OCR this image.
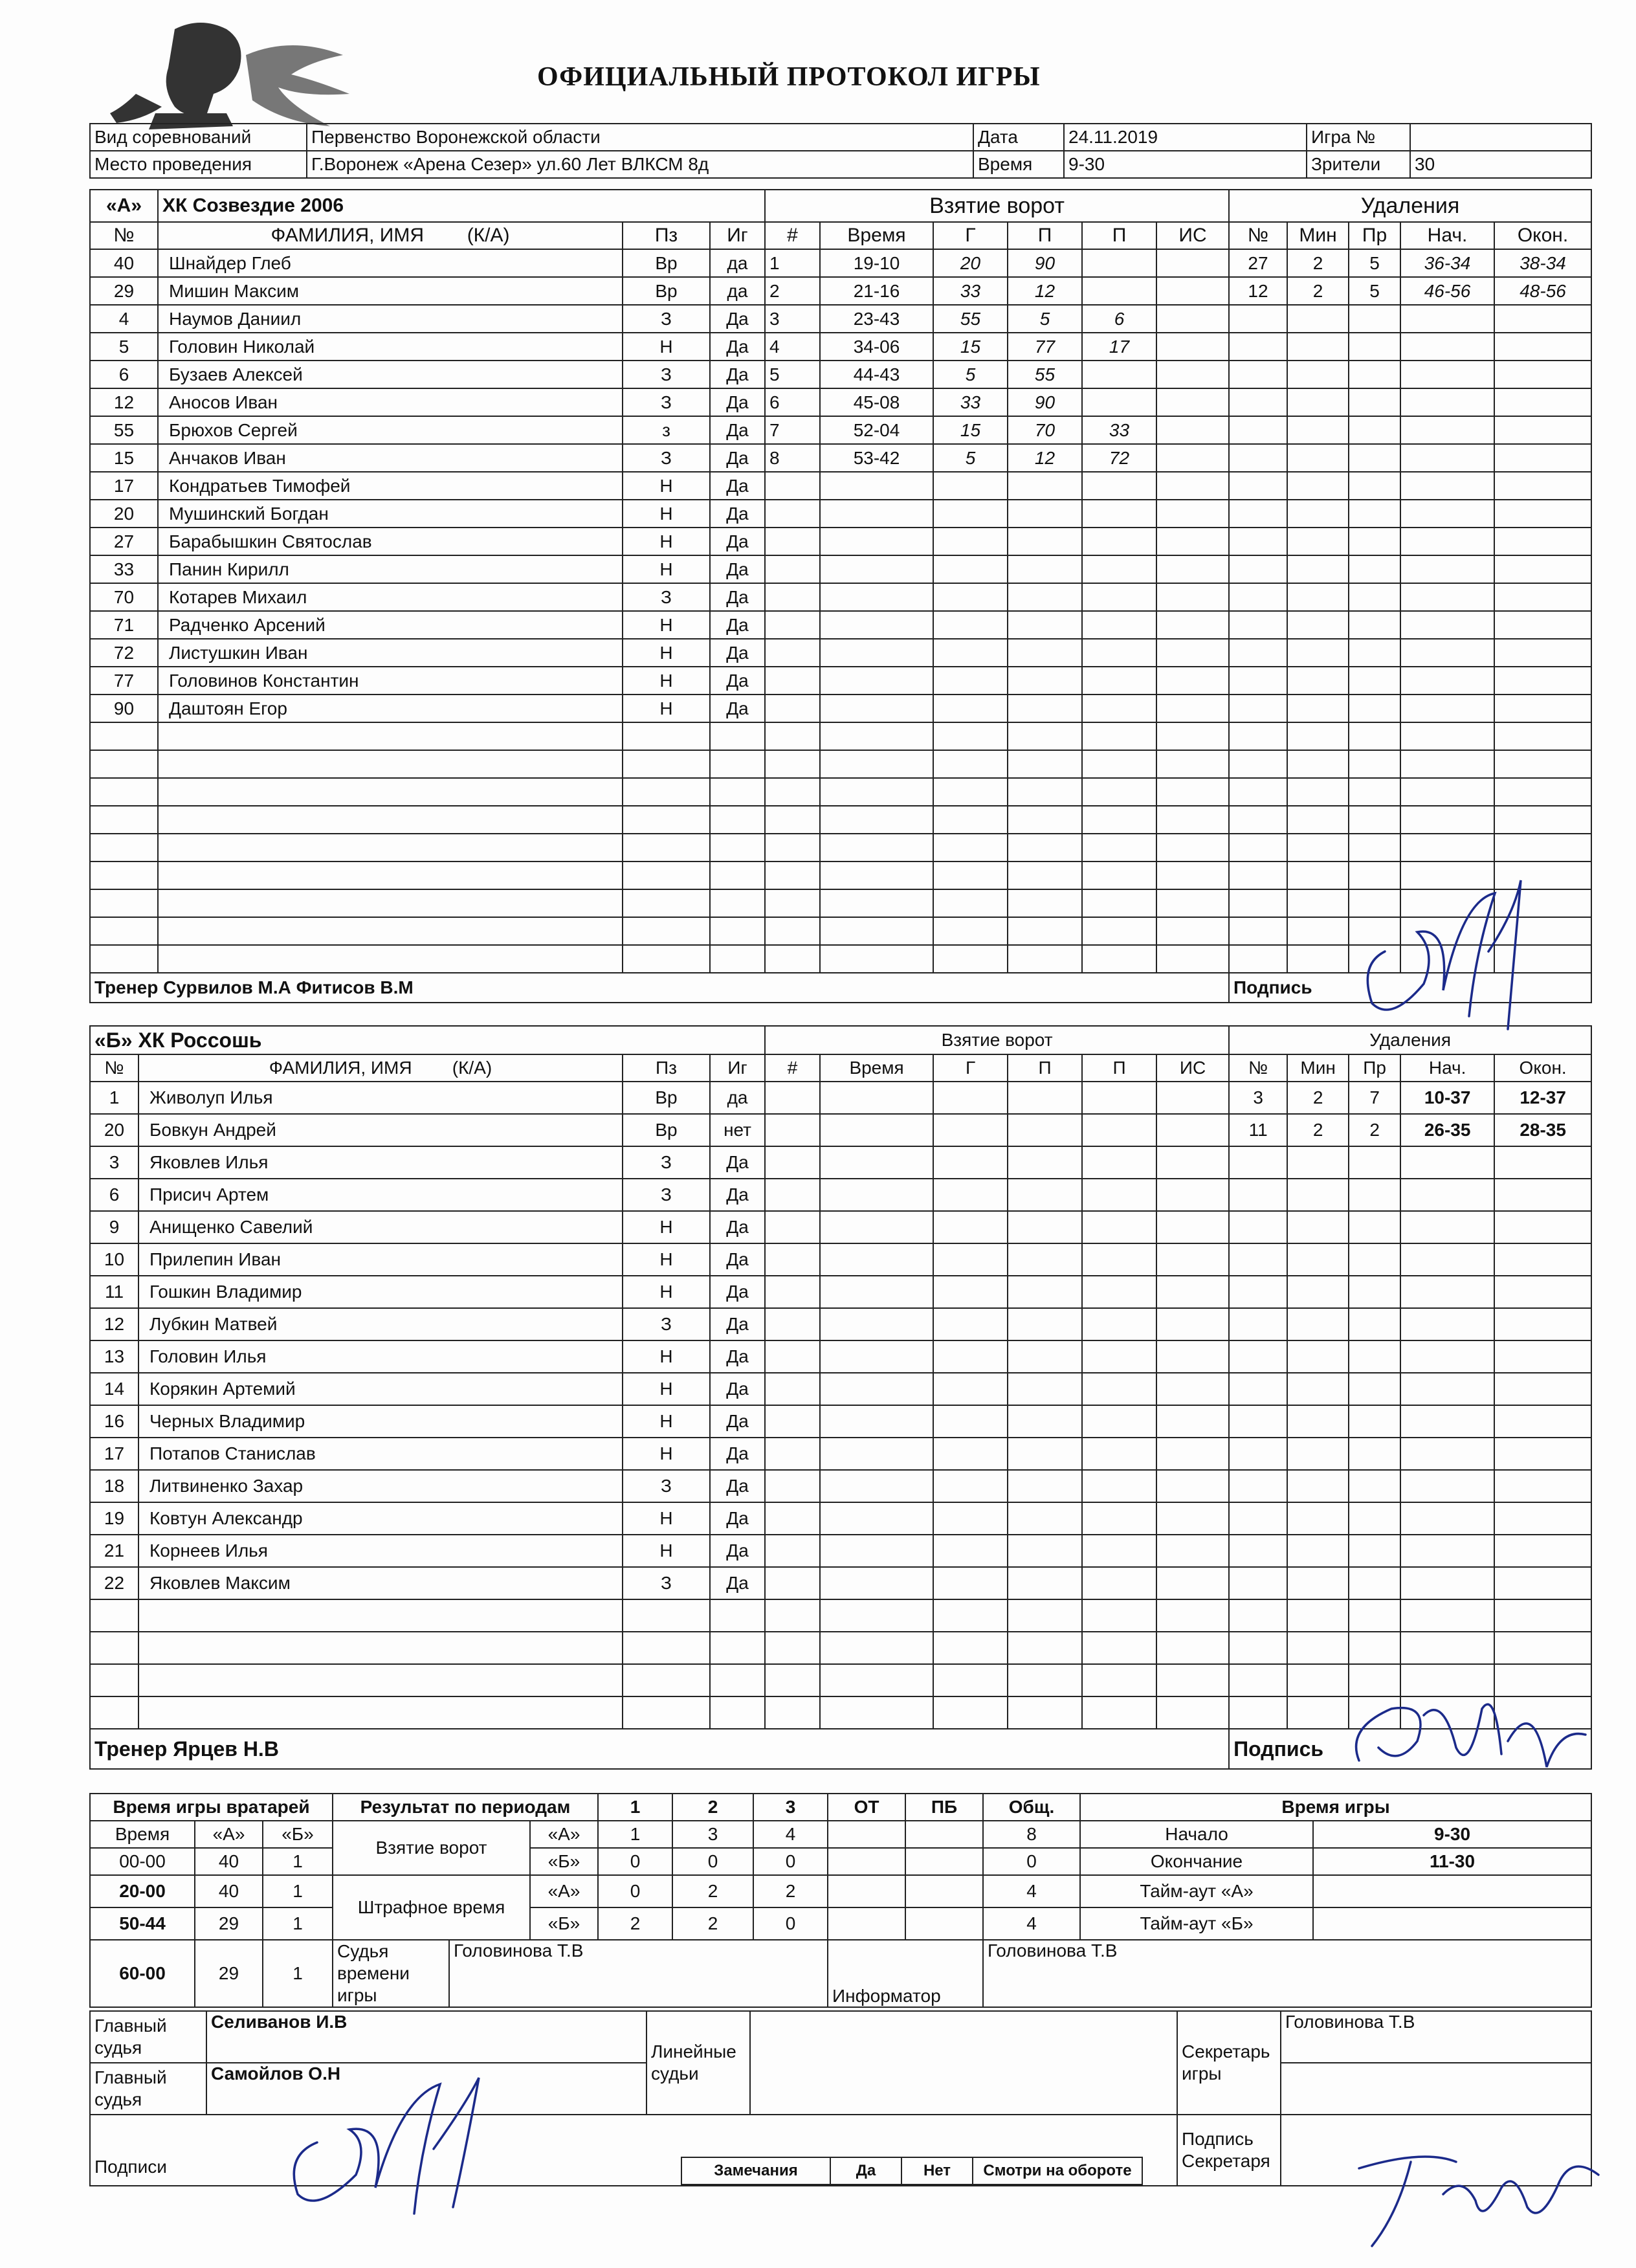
ОФИЦИАЛЬНЫЙ ПРОТОКОЛ ИГРЫ
Вид соревнований	Первенство Воронежской области	Дата	24.11.2019	Игра №	
Место проведения	Г.Воронеж «Арена Сезер» ул.60 Лет ВЛКСМ 8д	Время	9-30	Зрители	30
«А»	ХК Созвездие 2006			Взятие ворот						Удаления				
№	ФАМИЛИЯ, ИМЯ (К/А)	Пз	Иг	#	Время	Г	П	П	ИС	№	Мин	Пр	Нач.	Окон.
40	Шнайдер Глеб	Вр	да	1	19-10	20	90			27	2	5	36-34	38-34
29	Мишин Максим	Вр	да	2	21-16	33	12			12	2	5	46-56	48-56
4	Наумов Даниил	З	Да	3	23-43	55	5	6						
5	Головин Николай	Н	Да	4	34-06	15	77	17						
6	Бузаев Алексей	З	Да	5	44-43	5	55							
12	Аносов Иван	З	Да	6	45-08	33	90							
55	Брюхов Сергей	з	Да	7	52-04	15	70	33						
15	Анчаков Иван	З	Да	8	53-42	5	12	72						
17	Кондратьев Тимофей	Н	Да											
20	Мушинский Богдан	Н	Да											
27	Барабышкин Святослав	Н	Да											
33	Панин Кирилл	Н	Да											
70	Котарев Михаил	З	Да											
71	Радченко Арсений	Н	Да											
72	Листушкин Иван	Н	Да											
77	Головинов Константин	Н	Да											
90	Даштоян Егор	Н	Да											

Тренер Сурвилов М.А Фитисов В.М										Подпись				
«Б» ХК Россошь				Взятие ворот						Удаления				
№	ФАМИЛИЯ, ИМЯ (К/А)	Пз	Иг	#	Время	Г	П	П	ИС	№	Мин	Пр	Нач.	Окон.
1	Живолуп Илья	Вр	да							3	2	7	10-37	12-37
20	Бовкун Андрей	Вр	нет							11	2	2	26-35	28-35
3	Яковлев Илья	З	Да											
6	Присич Артем	З	Да											
9	Анищенко Савелий	Н	Да											
10	Прилепин Иван	Н	Да											
11	Гошкин Владимир	Н	Да											
12	Лубкин Матвей	З	Да											
13	Головин Илья	Н	Да											
14	Корякин Артемий	Н	Да											
16	Черных Владимир	Н	Да											
17	Потапов Станислав	Н	Да											
18	Литвиненко Захар	З	Да											
19	Ковтун Александр	Н	Да											
21	Корнеев Илья	Н	Да											
22	Яковлев Максим	З	Да											

Тренер Ярцев Н.В										Подпись				
Время игры вратарей			Результат по периодам			1	2	3	ОТ	ПБ	Общ.	Время игры	
Время	«А»	«Б»	Взятие ворот		«А»	1	3	4			8	Начало	9-30
00-00	40	1			«Б»	0	0	0			0	Окончание	11-30
20-00	40	1	Штрафное время		«А»	0	2	2			4	Тайм-аут «А»	
50-44	29	1			«Б»	2	2	0			4	Тайм-аут «Б»	
60-00	29	1	Судья времени игры	Головинова Т.В					Информатор		Головинова Т.В		
Главный судья	Селиванов И.В	Линейные судьи		Секретарь игры	Головинова Т.В
Главный судья	Самойлов О.Н				
Подписи				Подпись Секретаря	
Замечания	Да	Нет	Смотри на обороте
